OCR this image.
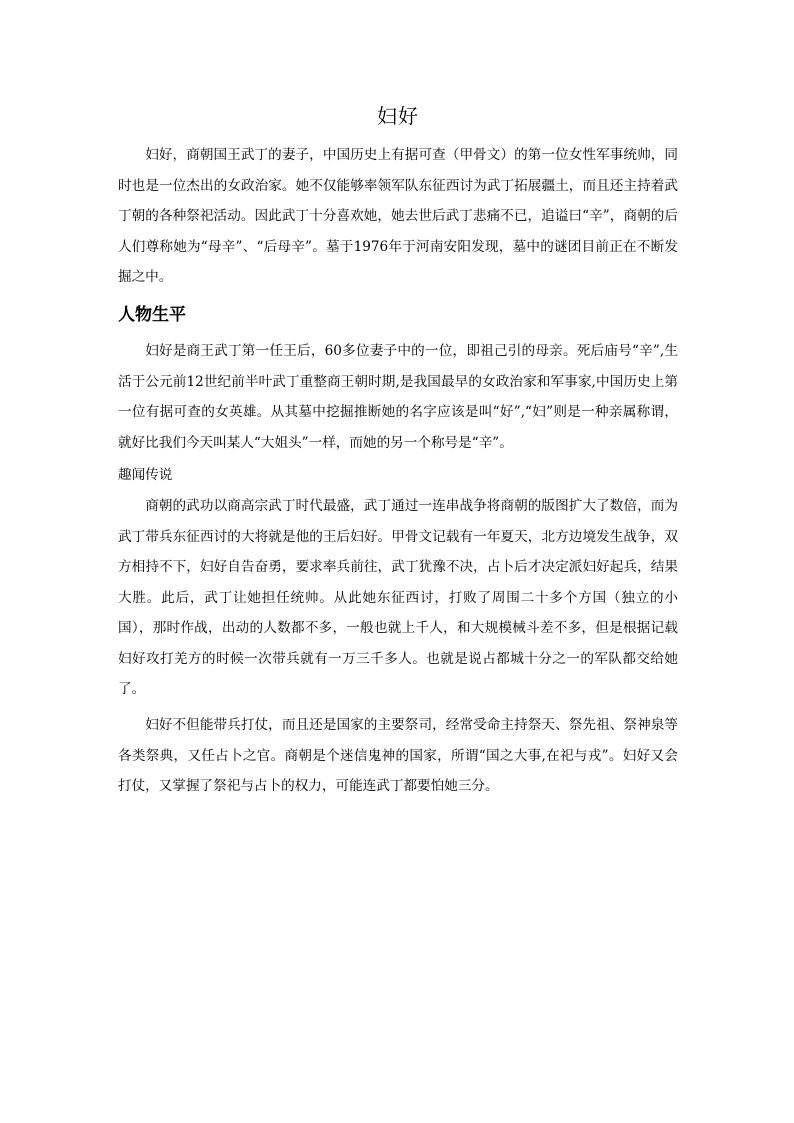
妇好

妇好，商朝国王武丁的妻子，中国历史上有据可查（甲骨文）的第一位女性军事统帅，同时也是一位杰出的女政治家。她不仅能够率领军队东征西讨为武丁拓展疆土，而且还主持着武丁朝的各种祭祀活动。因此武丁十分喜欢她，她去世后武丁悲痛不已，追谥曰“辛”，商朝的后人们尊称她为“母辛”、“后母辛”。墓于1976年于河南安阳发现，墓中的谜团目前正在不断发掘之中。

人物生平

妇好是商王武丁第一任王后，60多位妻子中的一位，即祖己引的母亲。死后庙号“辛”,生活于公元前12世纪前半叶武丁重整商王朝时期,是我国最早的女政治家和军事家,中国历史上第一位有据可查的女英雄。从其墓中挖掘推断她的名字应该是叫“好”,“妇”则是一种亲属称谓，就好比我们今天叫某人“大姐头”一样，而她的另一个称号是“辛”。

趣闻传说

商朝的武功以商高宗武丁时代最盛，武丁通过一连串战争将商朝的版图扩大了数倍，而为武丁带兵东征西讨的大将就是他的王后妇好。甲骨文记载有一年夏天，北方边境发生战争，双方相持不下，妇好自告奋勇，要求率兵前往，武丁犹豫不决，占卜后才决定派妇好起兵，结果大胜。此后，武丁让她担任统帅。从此她东征西讨，打败了周围二十多个方国（独立的小国），那时作战，出动的人数都不多，一般也就上千人，和大规模械斗差不多，但是根据记载妇好攻打羌方的时候一次带兵就有一万三千多人。也就是说占都城十分之一的军队都交给她了。

妇好不但能带兵打仗，而且还是国家的主要祭司，经常受命主持祭天、祭先祖、祭神泉等各类祭典，又任占卜之官。商朝是个迷信鬼神的国家，所谓“国之大事,在祀与戎”。妇好又会打仗，又掌握了祭祀与占卜的权力，可能连武丁都要怕她三分。
